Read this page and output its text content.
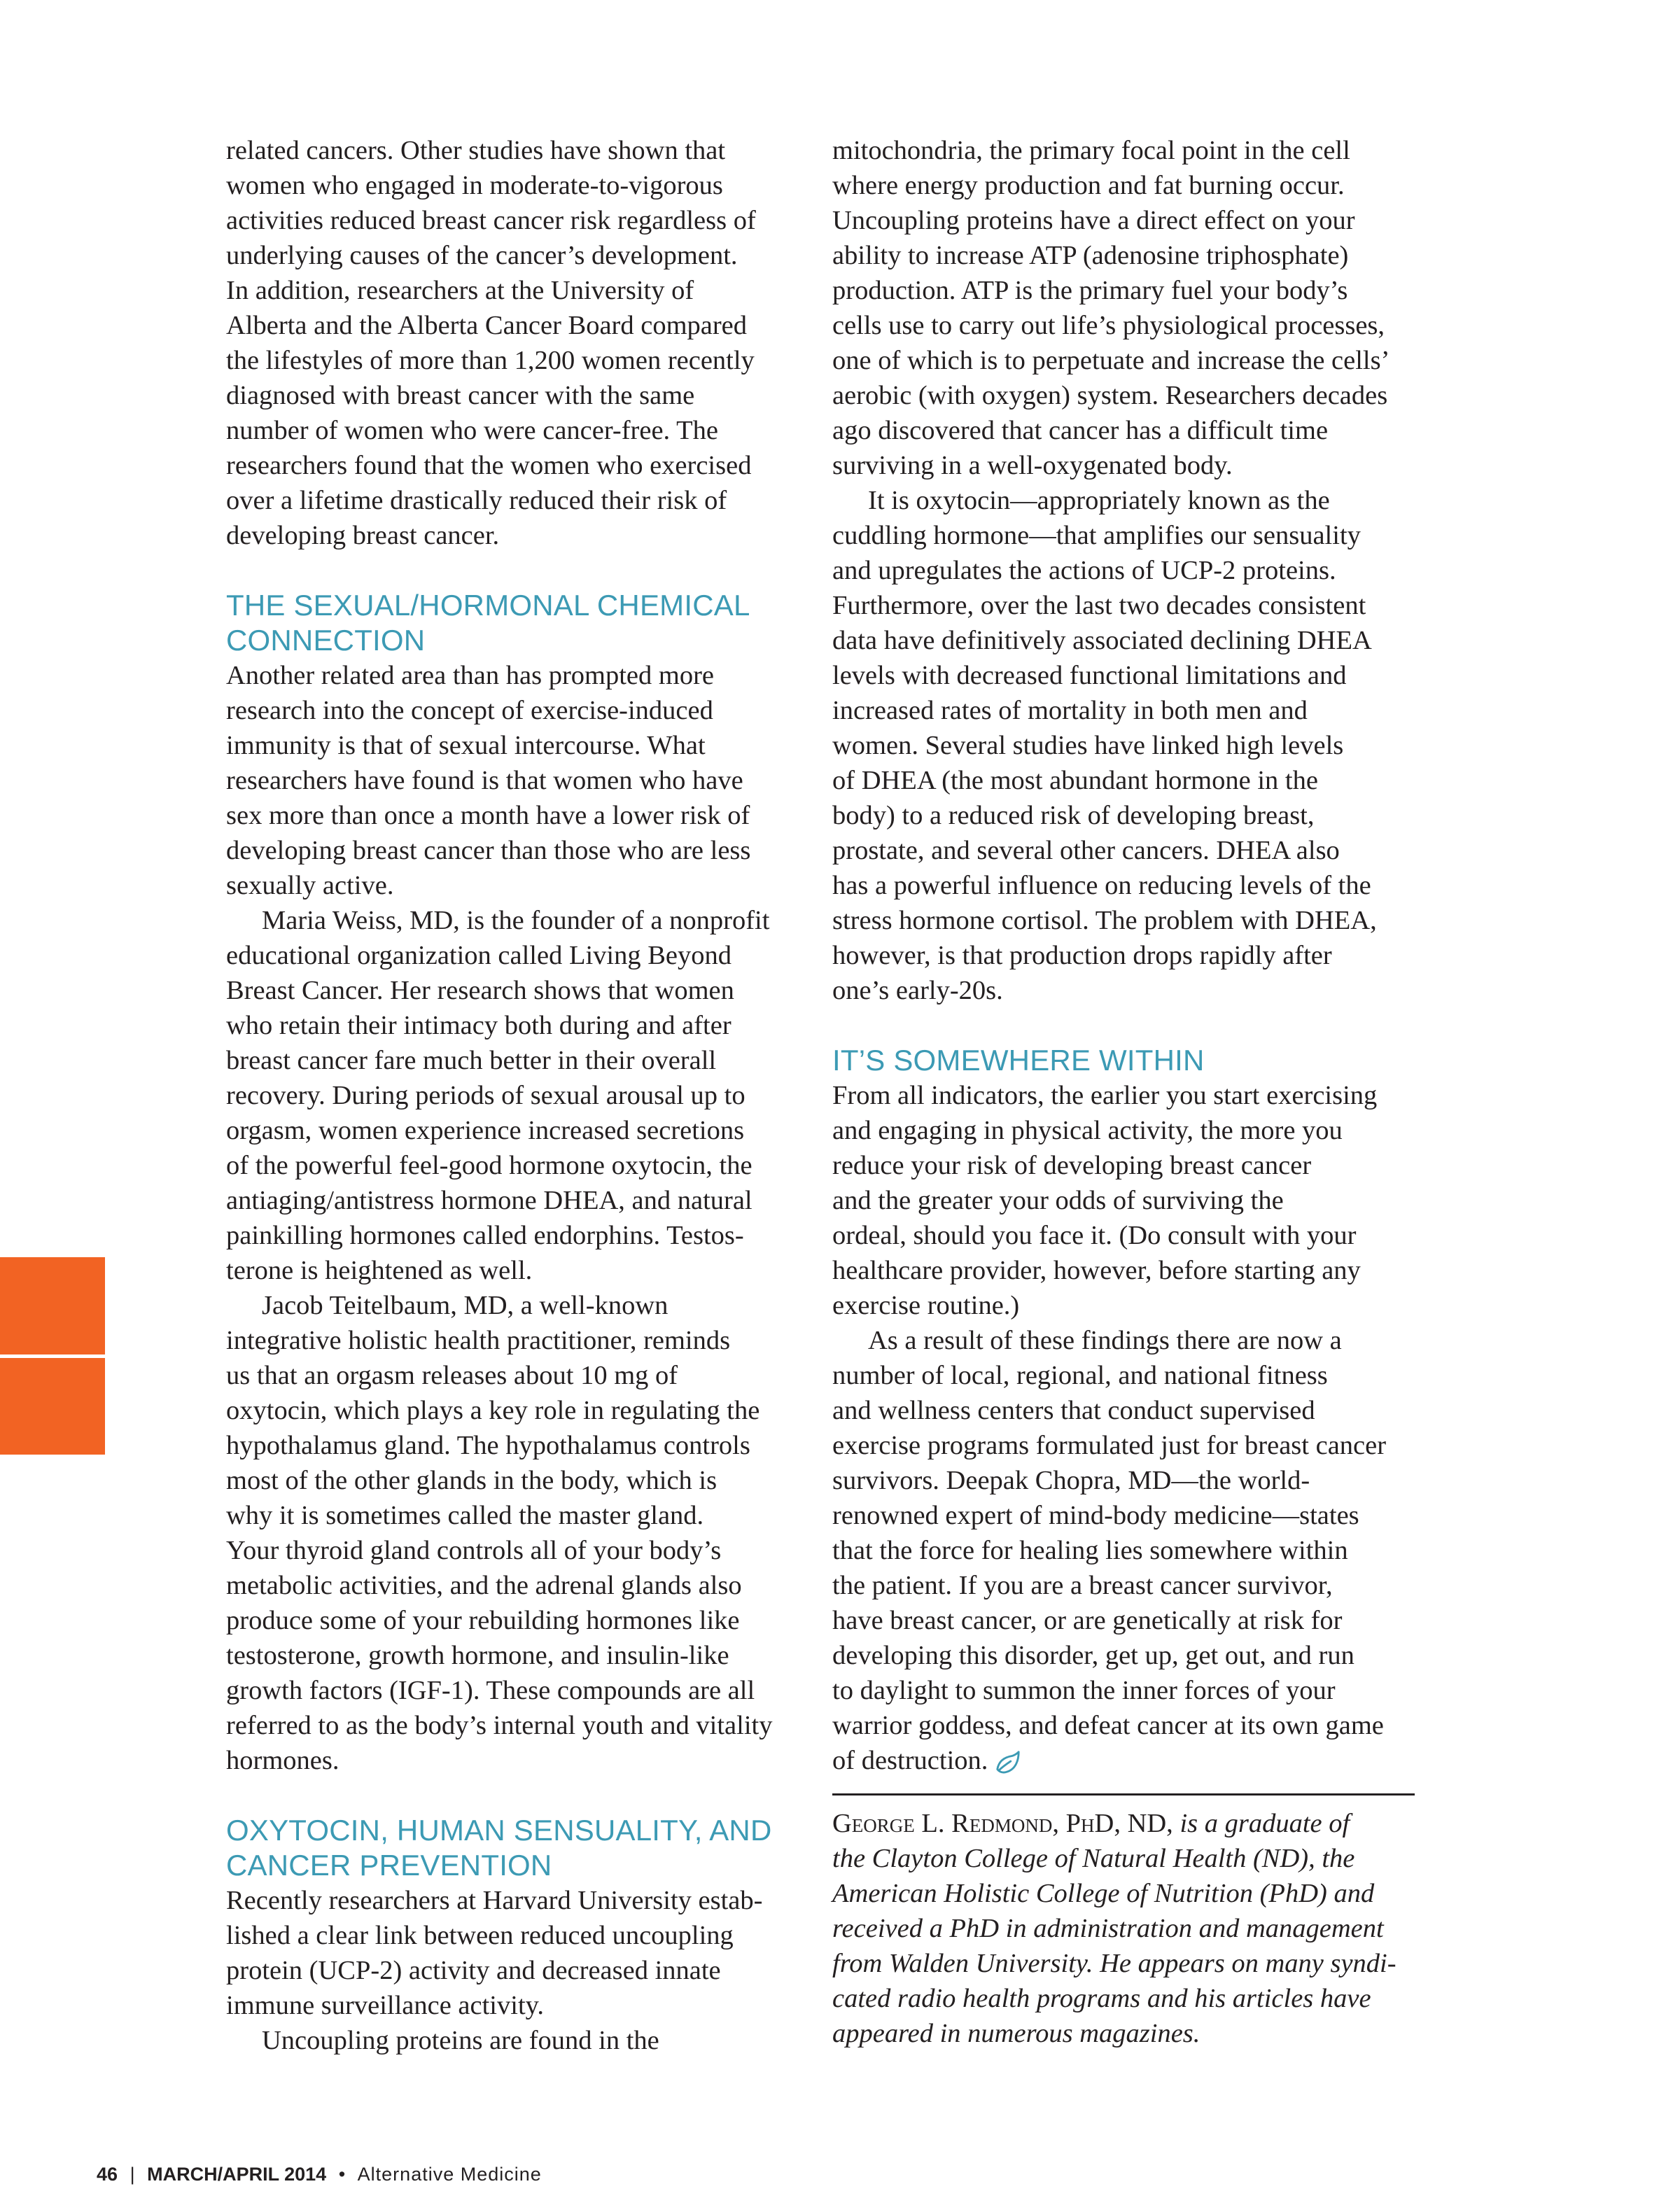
related cancers. Other studies have shown that
women who engaged in moderate-to-vigorous
activities reduced breast cancer risk regardless of
underlying causes of the cancer’s development.
In addition, researchers at the University of
Alberta and the Alberta Cancer Board compared
the lifestyles of more than 1,200 women recently
diagnosed with breast cancer with the same
number of women who were cancer-free. The
researchers found that the women who exercised
over a lifetime drastically reduced their risk of
developing breast cancer.
THE SEXUAL/HORMONAL CHEMICAL
CONNECTION
Another related area than has prompted more
research into the concept of exercise-induced
immunity is that of sexual intercourse. What
researchers have found is that women who have
sex more than once a month have a lower risk of
developing breast cancer than those who are less
sexually active.
Maria Weiss, MD, is the founder of a nonprofit
educational organization called Living Beyond
Breast Cancer. Her research shows that women
who retain their intimacy both during and after
breast cancer fare much better in their overall
recovery. During periods of sexual arousal up to
orgasm, women experience increased secretions
of the powerful feel-good hormone oxytocin, the
antiaging/antistress hormone DHEA, and natural
painkilling hormones called endorphins. Testos-
terone is heightened as well.
Jacob Teitelbaum, MD, a well-known
integrative holistic health practitioner, reminds
us that an orgasm releases about 10 mg of
oxytocin, which plays a key role in regulating the
hypothalamus gland. The hypothalamus controls
most of the other glands in the body, which is
why it is sometimes called the master gland.
Your thyroid gland controls all of your body’s
metabolic activities, and the adrenal glands also
produce some of your rebuilding hormones like
testosterone, growth hormone, and insulin-like
growth factors (IGF-1). These compounds are all
referred to as the body’s internal youth and vitality
hormones.
OXYTOCIN, HUMAN SENSUALITY, AND
CANCER PREVENTION
Recently researchers at Harvard University estab-
lished a clear link between reduced uncoupling
protein (UCP-2) activity and decreased innate
immune surveillance activity.
Uncoupling proteins are found in the
mitochondria, the primary focal point in the cell
where energy production and fat burning occur.
Uncoupling proteins have a direct effect on your
ability to increase ATP (adenosine triphosphate)
production. ATP is the primary fuel your body’s
cells use to carry out life’s physiological processes,
one of which is to perpetuate and increase the cells’
aerobic (with oxygen) system. Researchers decades
ago discovered that cancer has a difficult time
surviving in a well-oxygenated body.
It is oxytocin—appropriately known as the
cuddling hormone—that amplifies our sensuality
and upregulates the actions of UCP-2 proteins.
Furthermore, over the last two decades consistent
data have definitively associated declining DHEA
levels with decreased functional limitations and
increased rates of mortality in both men and
women. Several studies have linked high levels
of DHEA (the most abundant hormone in the
body) to a reduced risk of developing breast,
prostate, and several other cancers. DHEA also
has a powerful influence on reducing levels of the
stress hormone cortisol. The problem with DHEA,
however, is that production drops rapidly after
one’s early-20s.
IT’S SOMEWHERE WITHIN
From all indicators, the earlier you start exercising
and engaging in physical activity, the more you
reduce your risk of developing breast cancer
and the greater your odds of surviving the
ordeal, should you face it. (Do consult with your
healthcare provider, however, before starting any
exercise routine.)
As a result of these findings there are now a
number of local, regional, and national fitness
and wellness centers that conduct supervised
exercise programs formulated just for breast cancer
survivors. Deepak Chopra, MD—the world-
renowned expert of mind-body medicine—states
that the force for healing lies somewhere within
the patient. If you are a breast cancer survivor,
have breast cancer, or are genetically at risk for
developing this disorder, get up, get out, and run
to daylight to summon the inner forces of your
warrior goddess, and defeat cancer at its own game
of destruction.
George L. Redmond, PhD, ND, is a graduate of
the Clayton College of Natural Health (ND), the
American Holistic College of Nutrition (PhD) and
received a PhD in administration and management
from Walden University. He appears on many syndi-
cated radio health programs and his articles have
appeared in numerous magazines.
46 | MARCH/APRIL 2014 • Alternative Medicine
